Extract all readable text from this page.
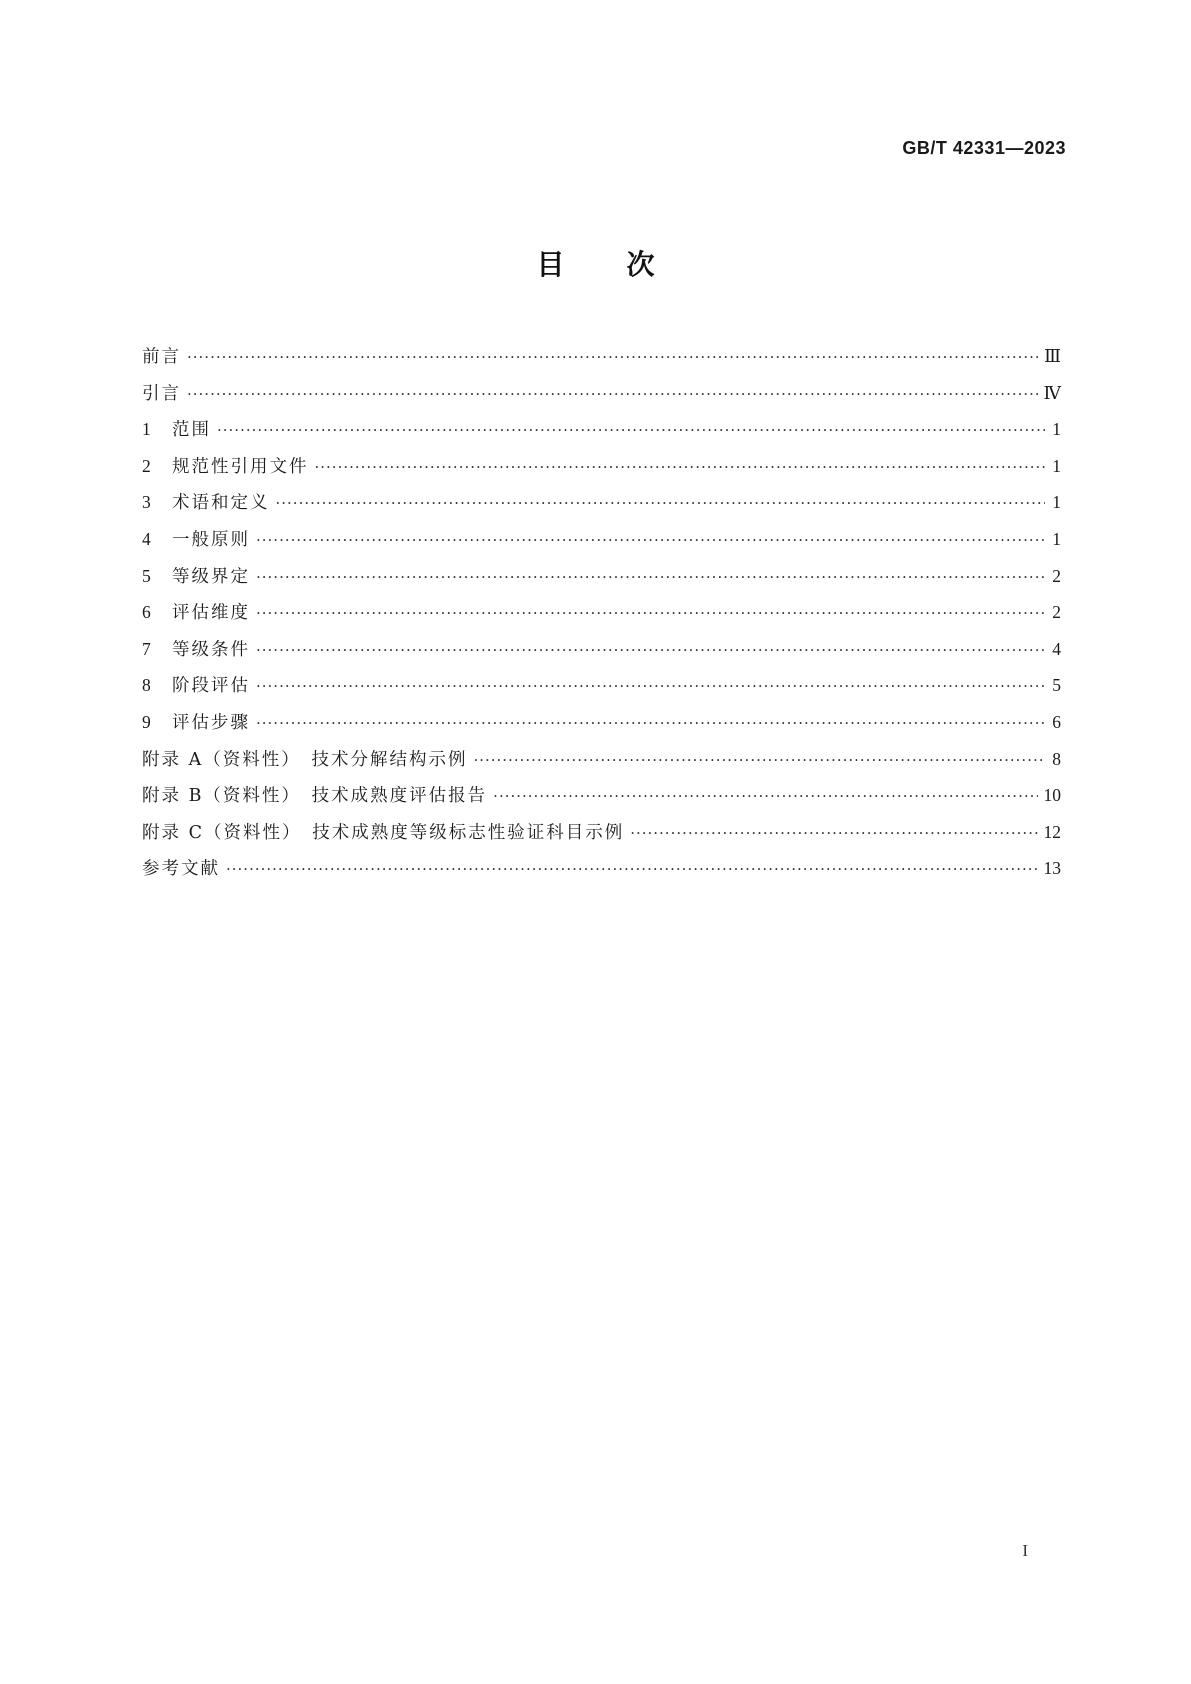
GB/T 42331—2023
目次
前言 ·····	Ⅲ
引言 ·····	Ⅳ
1	范围 ·····	1
2	规范性引用文件 ·····	1
3	术语和定义 ·····	1
4	一般原则 ·····	1
5	等级界定 ·····	2
6	评估维度 ·····	2
7	等级条件 ·····	4
8	阶段评估 ·····	5
9	评估步骤 ·····	6
附录 A（资料性）　技术分解结构示例 ·····	8
附录 B（资料性）　技术成熟度评估报告 ·····	10
附录 C（资料性）　技术成熟度等级标志性验证科目示例 ·····	12
参考文献 ·····	13
I
